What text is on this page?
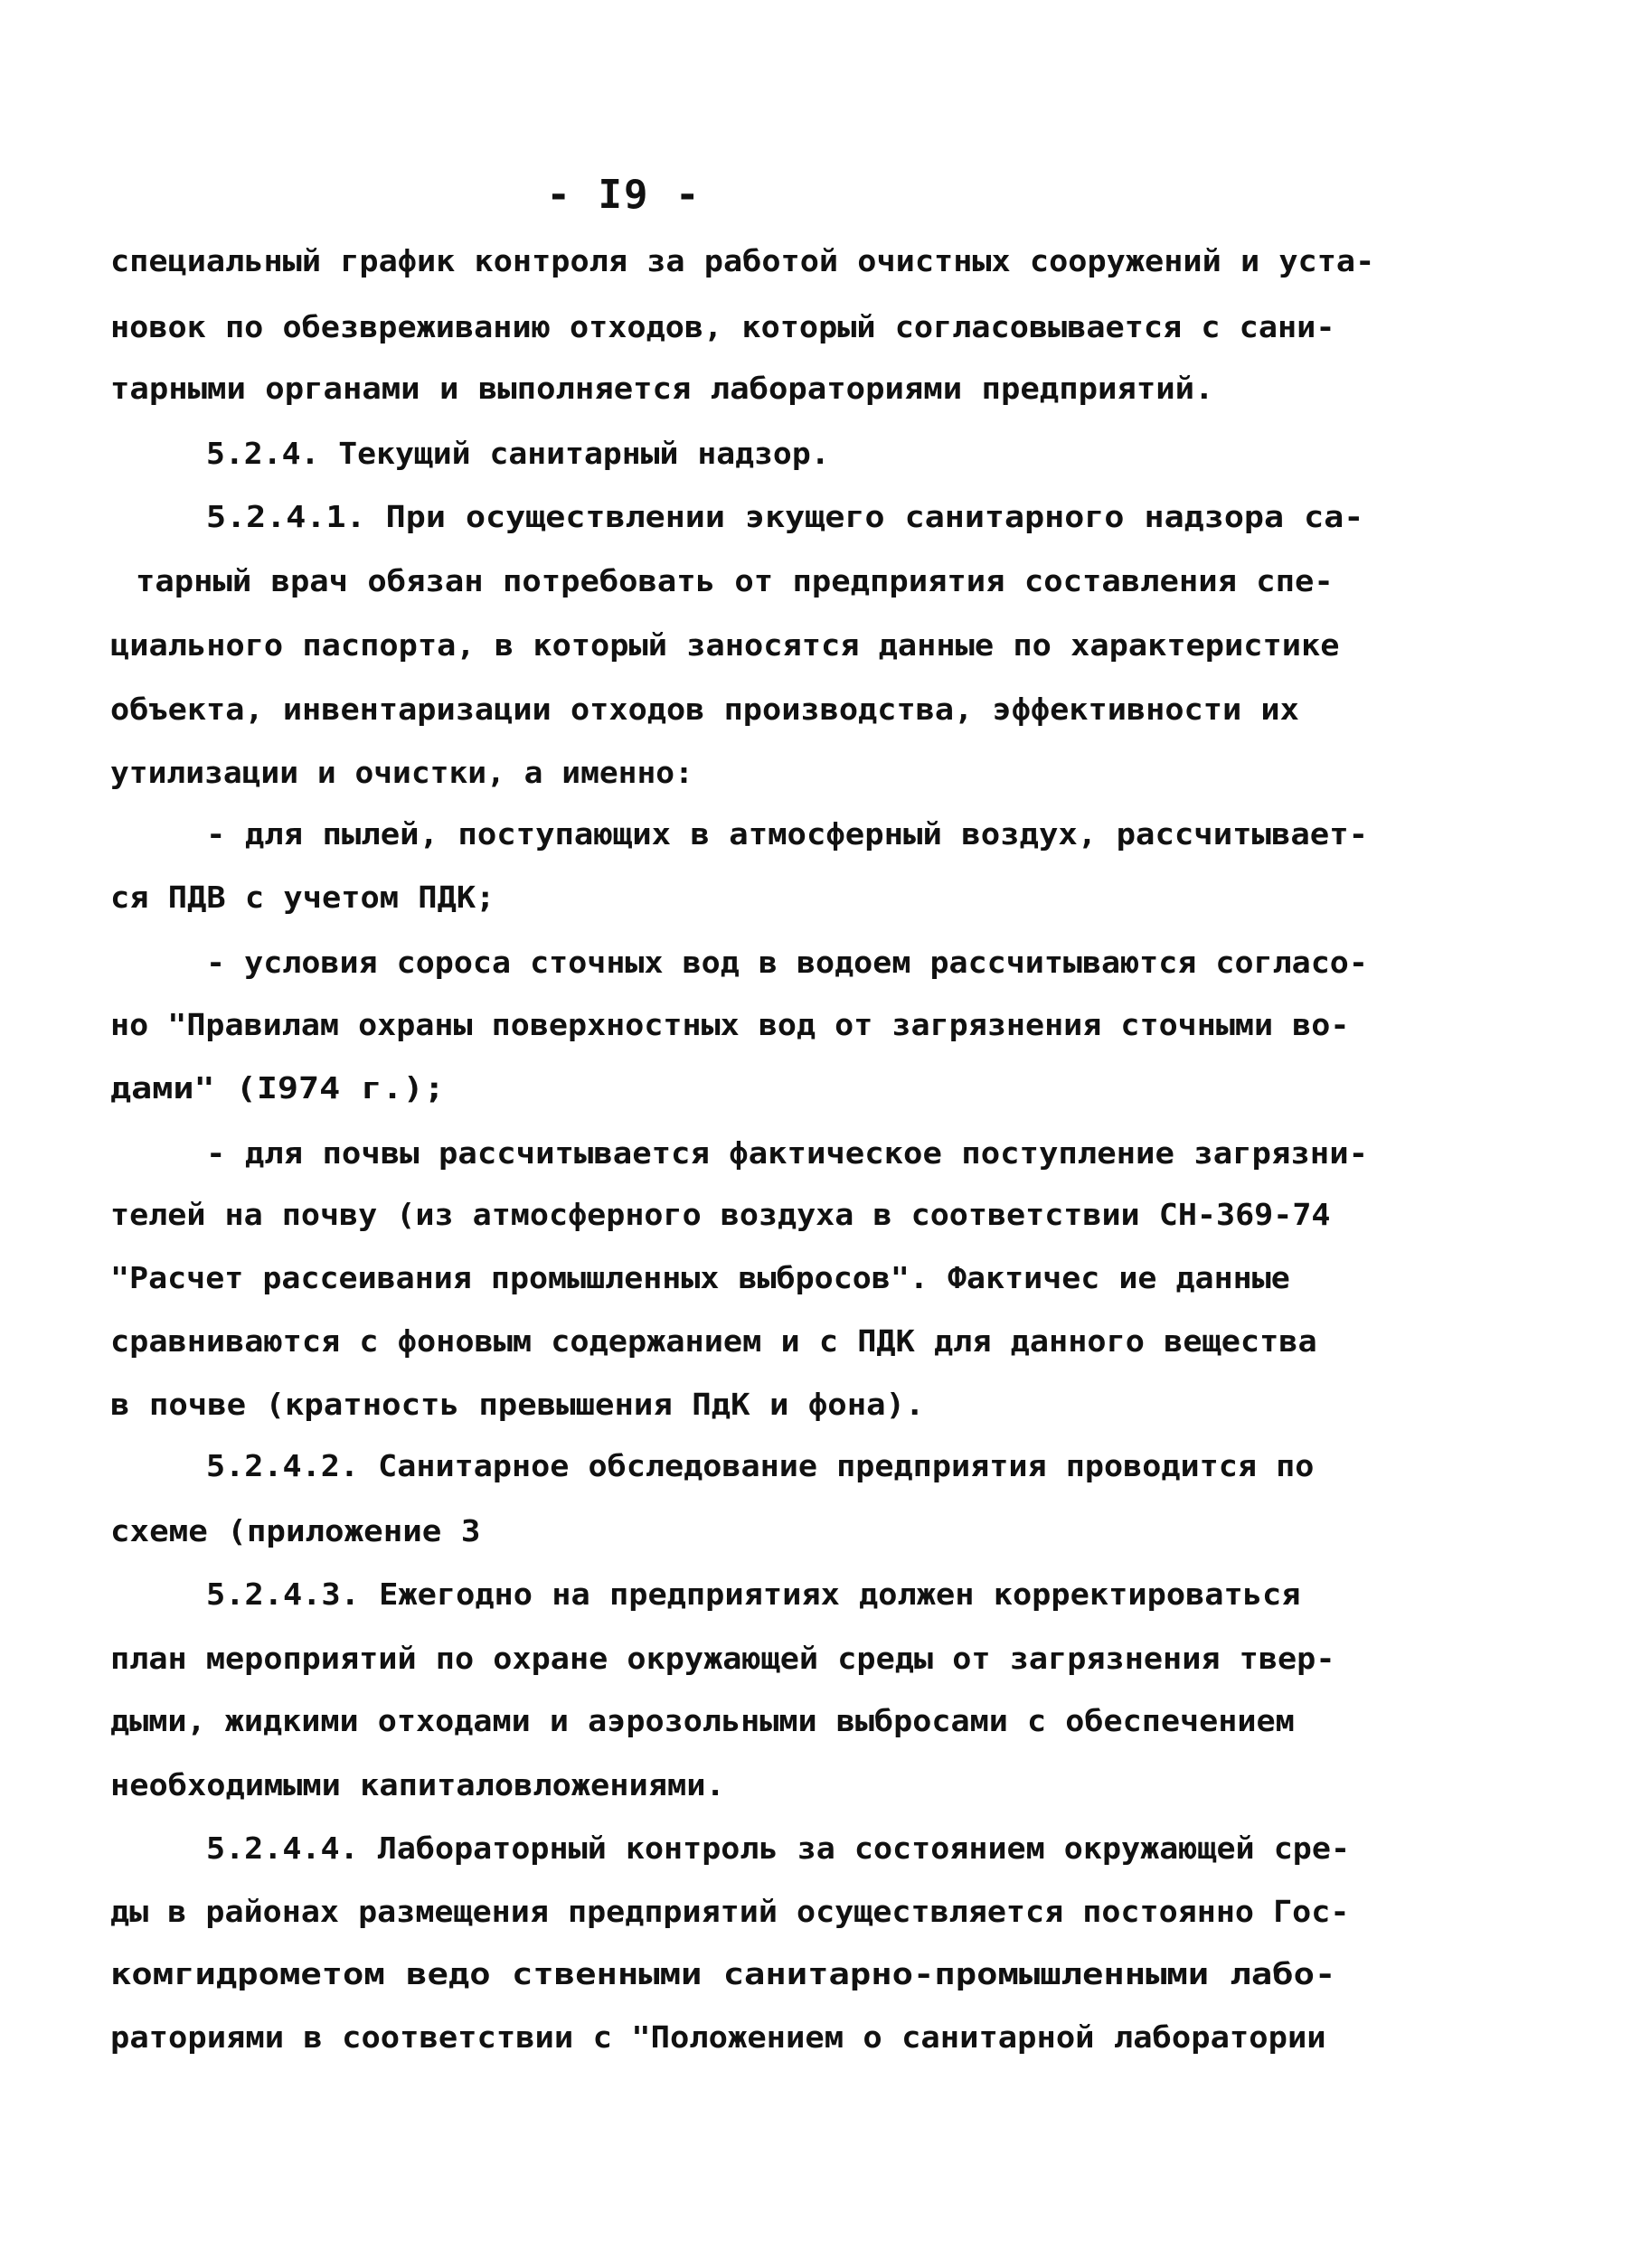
- I9 -
специальный график контроля за работой очистных сооружений и уста-
новок по обезвреживанию отходов, который согласовывается с сани-
тарными органами и выполняется лабораториями предприятий.
5.2.4. Текущий санитарный надзор.
5.2.4.1. При осуществлении экущего санитарного надзора са-
тарный врач обязан потребовать от предприятия составления спе-
циального паспорта, в который заносятся данные по характеристике
объекта, инвентаризации отходов производства, эффективности их
утилизации и очистки, а именно:
- для пылей, поступающих в атмосферный воздух, рассчитывает-
ся ПДВ с учетом ПДК;
- условия сороса сточных вод в водоем рассчитываются согласо-
но "Правилам охраны поверхностных вод от загрязнения сточными во-
дами" (I974 г.);
- для почвы рассчитывается фактическое поступление загрязни-
телей на почву (из атмосферного воздуха в соответствии СН-369-74
"Расчет рассеивания промышленных выбросов". Фактичес ие данные
сравниваются с фоновым содержанием и с ПДК для данного вещества
в почве (кратность превышения ПдК и фона).
5.2.4.2. Санитарное обследование предприятия проводится по
схеме (приложение 3
5.2.4.3. Ежегодно на предприятиях должен корректироваться
план мероприятий по охране окружающей среды от загрязнения твер-
дыми, жидкими отходами и аэрозольными выбросами с обеспечением
необходимыми капиталовложениями.
5.2.4.4. Лабораторный контроль за состоянием окружающей сре-
ды в районах размещения предприятий осуществляется постоянно Гос-
комгидрометом ведо ственными санитарно-промышленными лабо-
раториями в соответствии с "Положением о санитарной лаборатории
